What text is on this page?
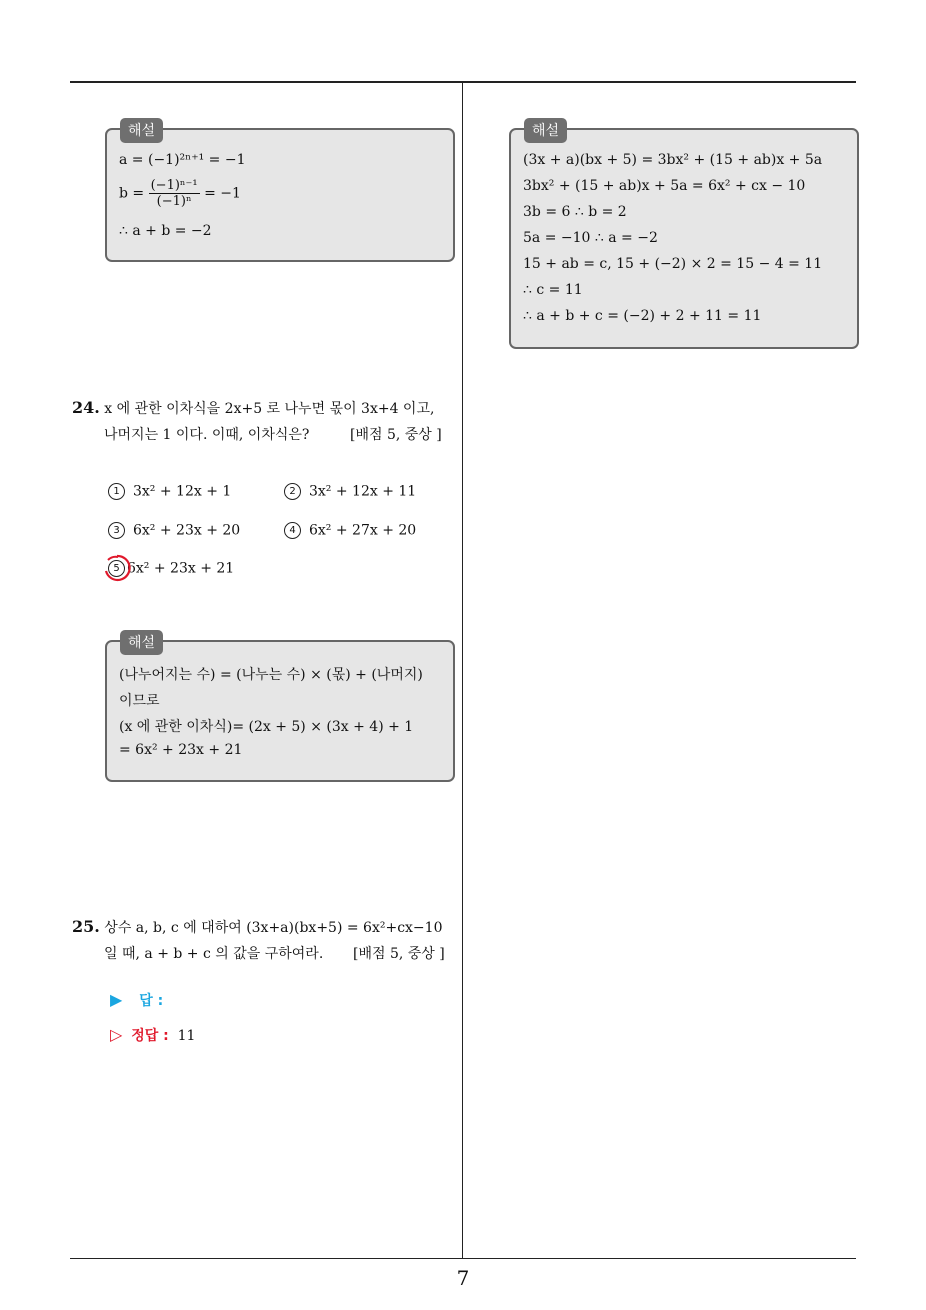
해설
a = (−1)²ⁿ⁺¹ = −1
$b = \frac{\text{(−1)ⁿ⁻¹}}{\text{(−1)ⁿ}} = -1$
∴ a + b = −2
24. x 에 관한 이차식을 2x+5 로 나누면 몫이 3x+4 이고,
나머지는 1 이다. 이때, 이차식은?	[배점 5, 중상 ]
1 3x² + 12x + 1	2 3x² + 12x + 11
3 6x² + 23x + 20	4 6x² + 27x + 20
5 6x² + 23x + 21
해설
(나누어지는 수) = (나누는 수) × (몫) + (나머지)
이므로
(x 에 관한 이차식)= (2x + 5) × (3x + 4) + 1
= 6x² + 23x + 21
25. 상수 a, b, c 에 대하여 (3x+a)(bx+5) = 6x²+cx−10
일 때, a + b + c 의 값을 구하여라. [배점 5, 중상 ]
▶ 답 :
▷ 정답 : 11
해설
(3x + a)(bx + 5) = 3bx² + (15 + ab)x + 5a
3bx² + (15 + ab)x + 5a = 6x² + cx − 10
3b = 6 ∴ b = 2
5a = −10 ∴ a = −2
15 + ab = c, 15 + (−2) × 2 = 15 − 4 = 11
∴ c = 11
∴ a + b + c = (−2) + 2 + 11 = 11
7
